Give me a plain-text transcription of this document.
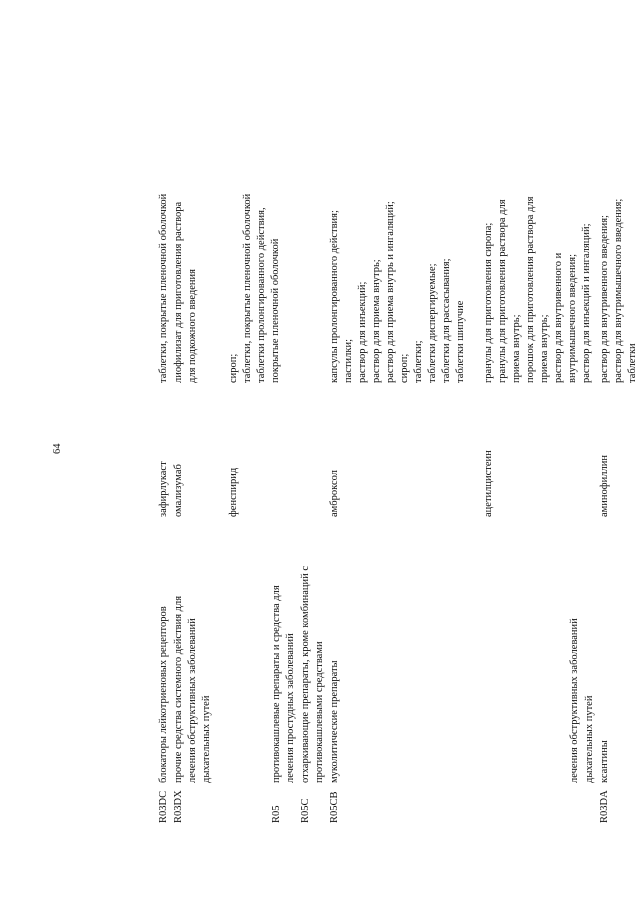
64
лечения обструктивных заболеваний дыхательных путей
R03DA
ксантины
аминофиллин
раствор для внутривенного введения; раствор для внутримышечного введения; таблетки
R03DC
блокаторы лейкотриеновых рецепторов
зафирлукаст
таблетки, покрытые пленочной оболочкой
R03DX
прочие средства системного действия для лечения обструктивных заболеваний дыхательных путей
омализумаб
лиофилизат для приготовления раствора для подкожного введения
фенспирид
сироп; таблетки, покрытые пленочной оболочкой таблетки пролонгированного действия, покрытые пленочной оболочкой
R05
противокашлевые препараты и средства для лечения простудных заболеваний
R05C
отхаркивающие препараты, кроме комбинаций с противокашлевыми средствами
R05CB
муколитические препараты
амброксол
капсулы пролонгированного действия; пастилки; раствор для инъекций; раствор для приема внутрь; раствор для приема внутрь и ингаляций; сироп; таблетки; таблетки диспергируемые; таблетки для рассасывания; таблетки шипучие
ацетилцистеин
гранулы для приготовления сиропа; гранулы для приготовления раствора для приема внутрь; порошок для приготовления раствора для приема внутрь; раствор для внутривенного и внутримышечного введения; раствор для инъекций и ингаляций;
